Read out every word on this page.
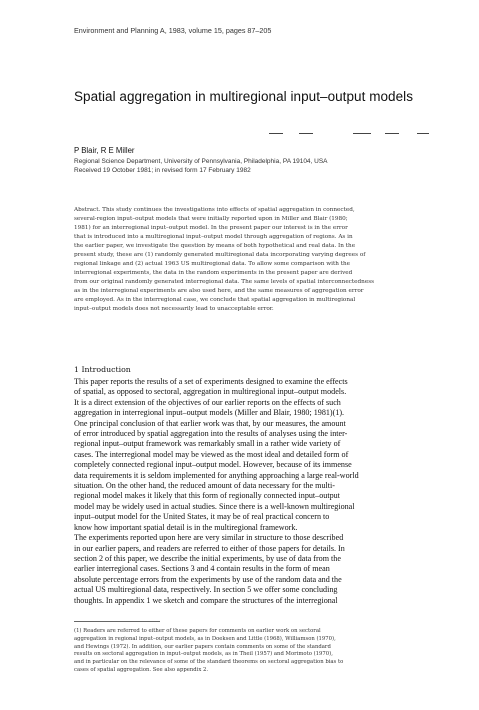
Environment and Planning A, 1983, volume 15, pages 87–205
Spatial aggregation in multiregional input–output models
P Blair, R E Miller
Regional Science Department, University of Pennsylvania, Philadelphia, PA 19104, USA
Received 19 October 1981; in revised form 17 February 1982
Abstract. This study continues the investigations into effects of spatial aggregation in connected,
several-region input–output models that were initially reported upon in Miller and Blair (1980;
1981) for an interregional input–output model. In the present paper our interest is in the error
that is introduced into a multiregional input–output model through aggregation of regions. As in
the earlier paper, we investigate the question by means of both hypothetical and real data. In the
present study, these are (1) randomly generated multiregional data incorporating varying degrees of
regional linkage and (2) actual 1963 US multiregional data. To allow some comparison with the
interregional experiments, the data in the random experiments in the present paper are derived
from our original randomly generated interregional data. The same levels of spatial interconnectedness
as in the interregional experiments are also used here, and the same measures of aggregation error
are employed. As in the interregional case, we conclude that spatial aggregation in multiregional
input–output models does not necessarily lead to unacceptable error.
1 Introduction
This paper reports the results of a set of experiments designed to examine the effects
of spatial, as opposed to sectoral, aggregation in multiregional input–output models.
It is a direct extension of the objectives of our earlier reports on the effects of such
aggregation in interregional input–output models (Miller and Blair, 1980; 1981)(1).
One principal conclusion of that earlier work was that, by our measures, the amount
of error introduced by spatial aggregation into the results of analyses using the inter-
regional input–output framework was remarkably small in a rather wide variety of
cases. The interregional model may be viewed as the most ideal and detailed form of
completely connected regional input–output model. However, because of its immense
data requirements it is seldom implemented for anything approaching a large real-world
situation. On the other hand, the reduced amount of data necessary for the multi-
regional model makes it likely that this form of regionally connected input–output
model may be widely used in actual studies. Since there is a well-known multiregional
input–output model for the United States, it may be of real practical concern to
know how important spatial detail is in the multiregional framework.
The experiments reported upon here are very similar in structure to those described
in our earlier papers, and readers are referred to either of those papers for details. In
section 2 of this paper, we describe the initial experiments, by use of data from the
earlier interregional cases. Sections 3 and 4 contain results in the form of mean
absolute percentage errors from the experiments by use of the random data and the
actual US multiregional data, respectively. In section 5 we offer some concluding
thoughts. In appendix 1 we sketch and compare the structures of the interregional
(1) Readers are referred to either of these papers for comments on earlier work on sectoral
aggregation in regional input–output models, as in Doeksen and Little (1968), Williamson (1970),
and Hewings (1972). In addition, our earlier papers contain comments on some of the standard
results on sectoral aggregation in input–output models, as in Theil (1957) and Morimoto (1970),
and in particular on the relevance of some of the standard theorems on sectoral aggregation bias to
cases of spatial aggregation. See also appendix 2.
